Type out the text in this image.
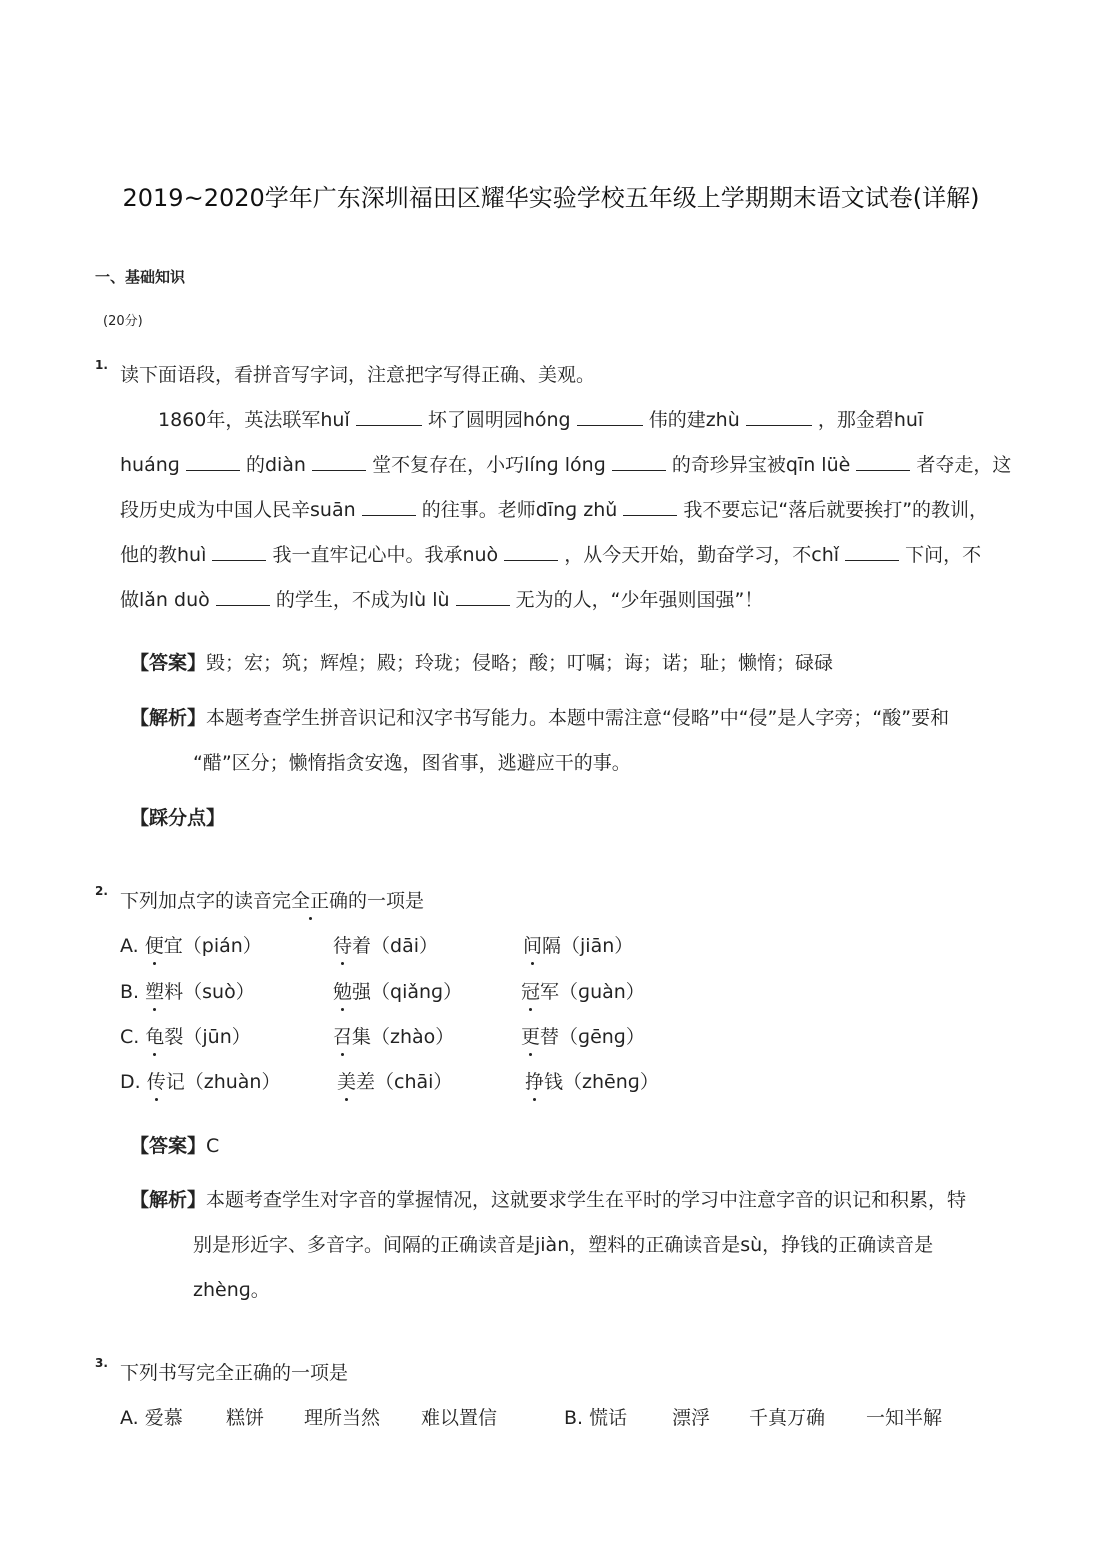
2019~2020学年广东深圳福田区耀华实验学校五年级上学期期末语文试卷(详解)
一、基础知识
(20分)
1. 读下面语段，看拼音写字词，注意把字写得正确、美观。
1860年，英法联军huǐ	坏了圆明园hóng	伟的建zhù	，那金碧huī
huánɡ	的diàn	堂不复存在，小巧línɡ lónɡ	的奇珍异宝被qīn lüè	者夺走，这
段历史成为中国人民辛suān	的往事。老师dīnɡ zhǔ	我不要忘记“落后就要挨打”的教训，
他的教huì	我一直牢记心中。我承nuò	，从今天开始，勤奋学习，不chǐ	下问，不
做lǎn duò	的学生，不成为lù lù	无为的人，“少年强则国强”！
【答案】毁；宏；筑；辉煌；殿；玲珑；侵略；酸；叮嘱；诲；诺；耻；懒惰；碌碌
【解析】本题考查学生拼音识记和汉字书写能力。本题中需注意“侵略”中“侵”是人字旁；“酸”要和
“醋”区分；懒惰指贪安逸，图省事，逃避应干的事。
【踩分点】
2. 下列加点字的读音完全正确的一项是
A. 便宜（pián）	待着（dāi）	间隔（jiān）
B. 塑料（suò）	勉强（qiǎnɡ）	冠军（ɡuàn）
C. 龟裂（jūn）	召集（zhào）	更替（ɡēnɡ）
D. 传记（zhuàn）	美差（chāi）	挣钱（zhēnɡ）
【答案】C
【解析】本题考查学生对字音的掌握情况，这就要求学生在平时的学习中注意字音的识记和积累，特
别是形近字、多音字。间隔的正确读音是jiàn，塑料的正确读音是sù，挣钱的正确读音是
zhènɡ。
3. 下列书写完全正确的一项是
A. 爱慕 糕饼 理所当然 难以置信	B. 慌话 漂浮 千真万确 一知半解
